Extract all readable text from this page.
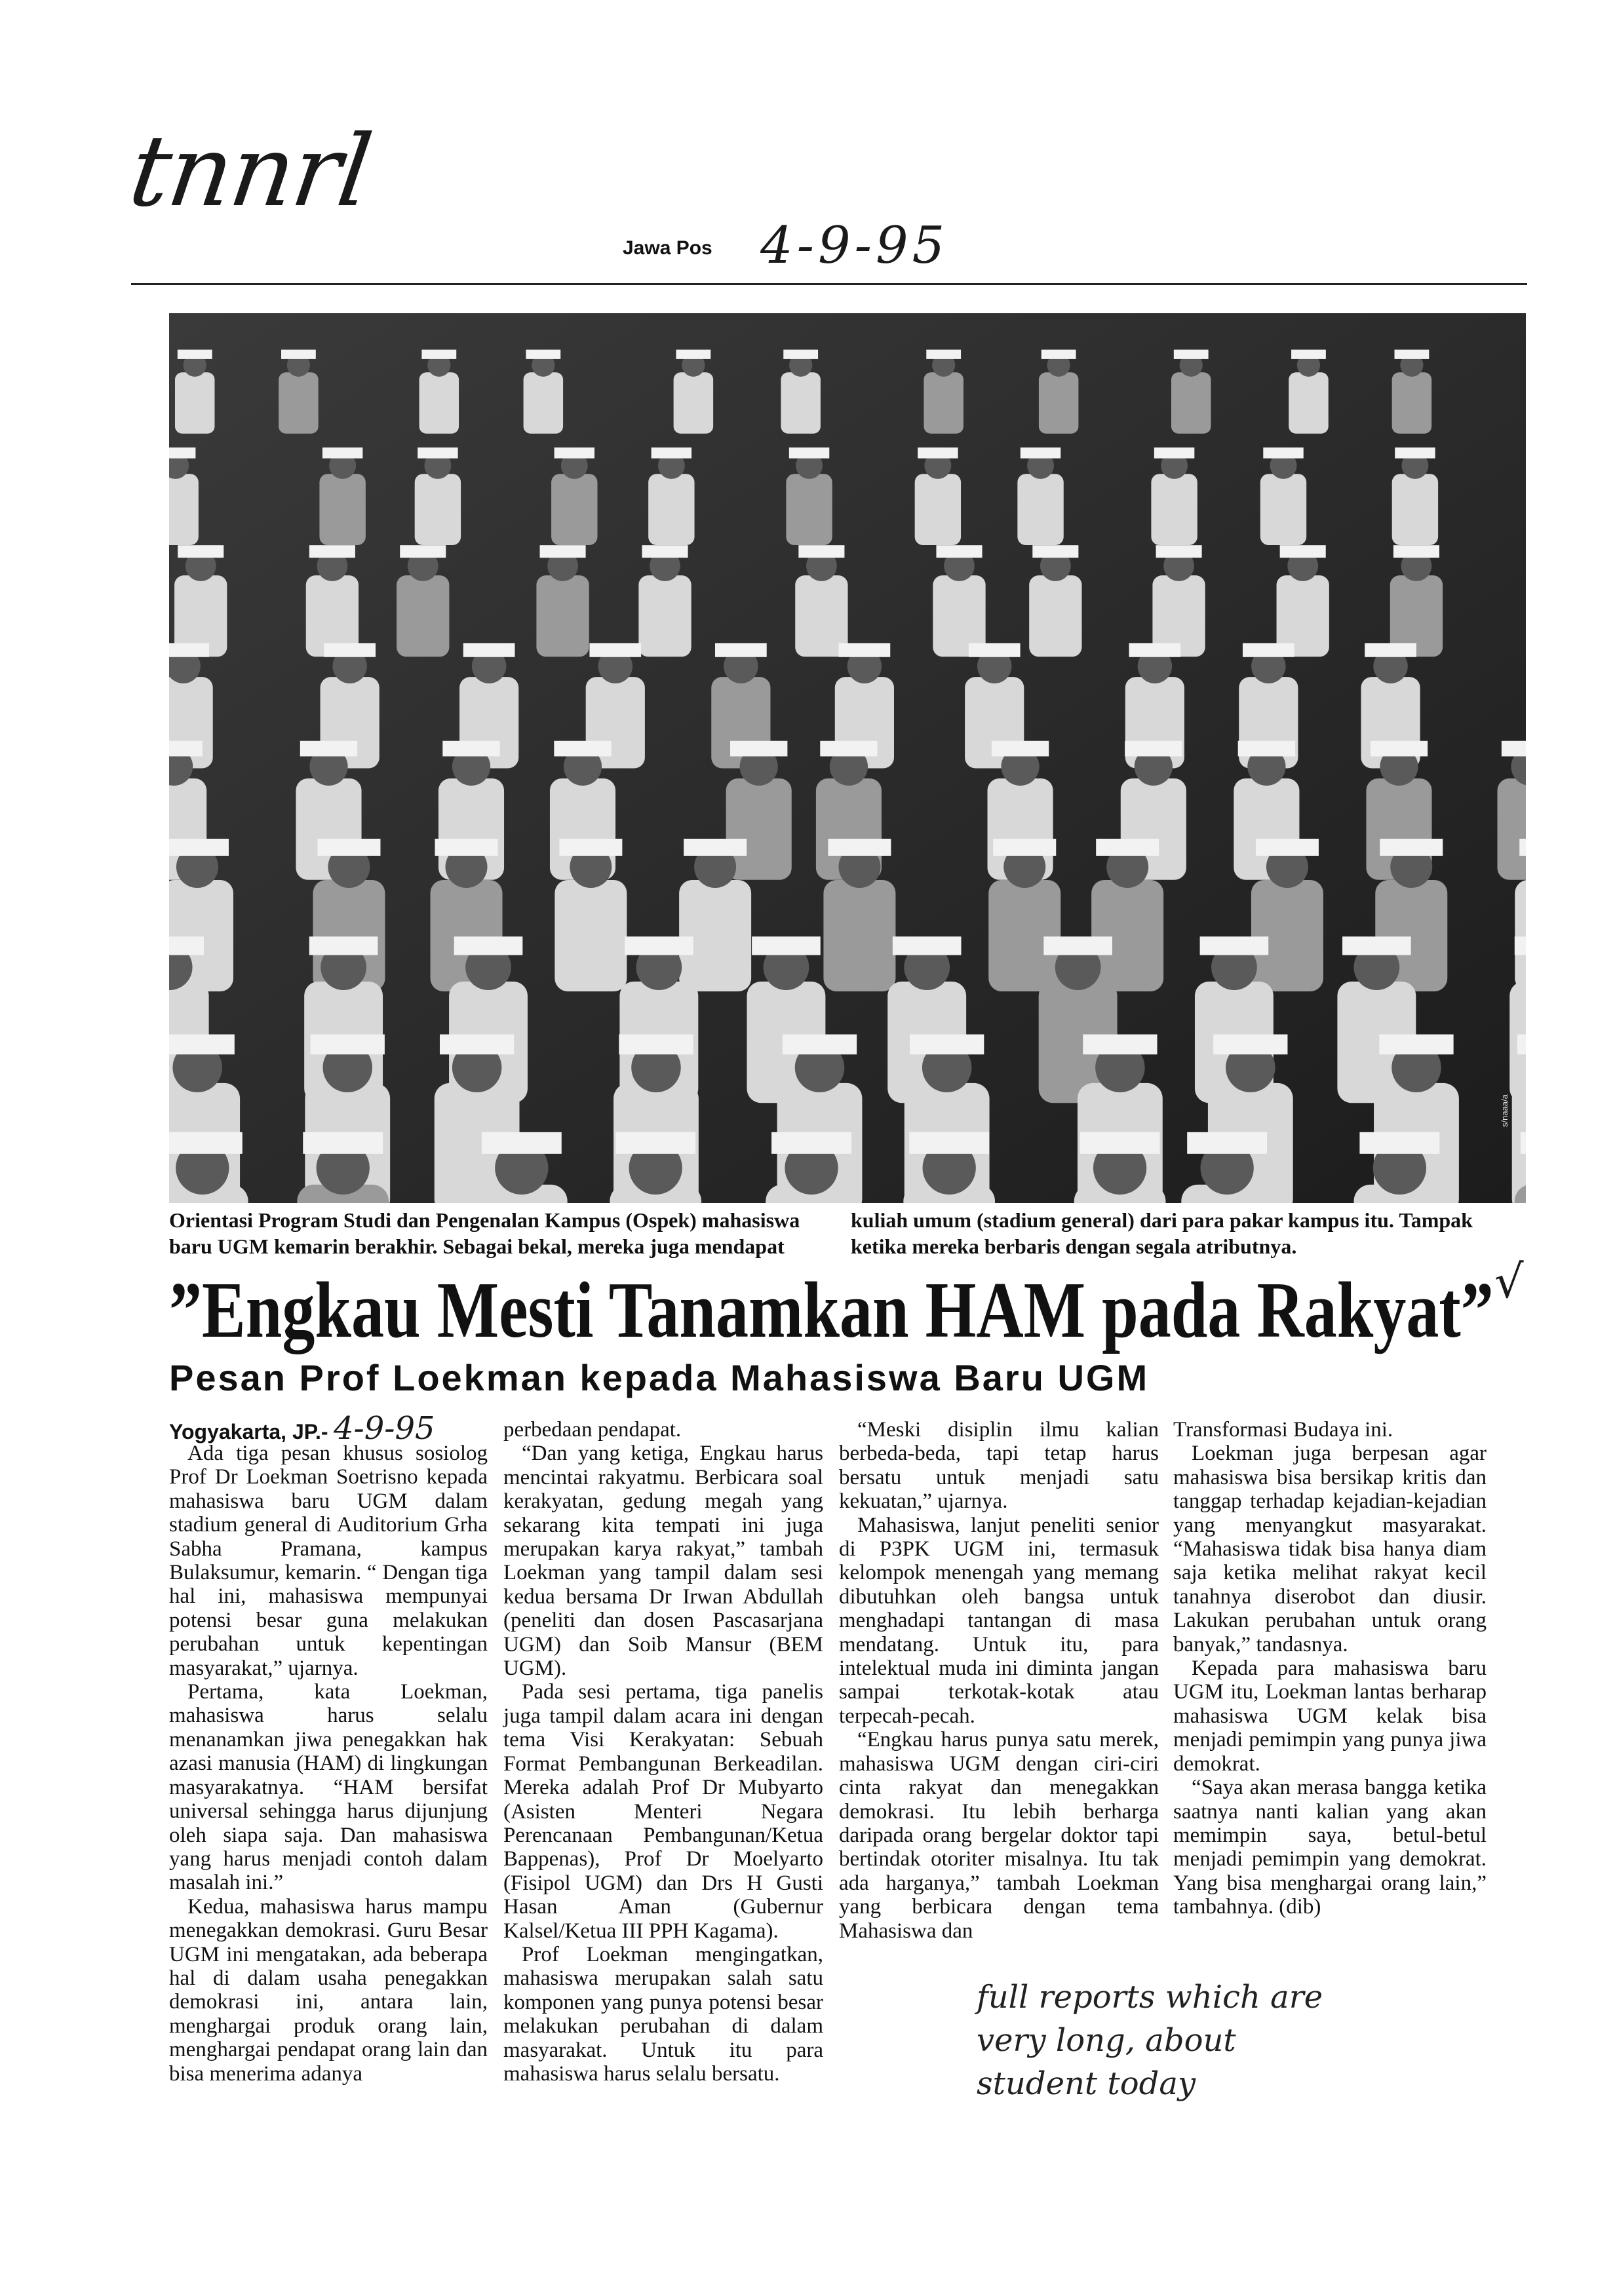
tnnrl
Jawa Pos 4-9-95
s/naaa/a
Orientasi Program Studi dan Pengenalan Kampus (Ospek) mahasiswa
baru UGM kemarin berakhir. Sebagai bekal, mereka juga mendapat
kuliah umum (stadium general) dari para pakar kampus itu. Tampak
ketika mereka berbaris dengan segala atributnya.
”Engkau Mesti Tanamkan HAM pada Rakyat” √
Pesan Prof Loekman kepada Mahasiswa Baru UGM
Yogyakarta, JP.- 4-9-95

Ada tiga pesan khusus sosiolog Prof Dr Loekman Soetrisno kepada mahasiswa baru UGM dalam stadium general di Auditorium Grha Sabha Pramana, kampus Bulaksumur, kemarin. “ Dengan tiga hal ini, mahasiswa mempunyai potensi besar guna melakukan perubahan untuk kepentingan masyarakat,” ujarnya.

Pertama, kata Loekman, mahasiswa harus selalu menanamkan jiwa penegakkan hak azasi manusia (HAM) di lingkungan masyarakatnya. “HAM bersifat universal sehingga harus dijunjung oleh siapa saja. Dan mahasiswa yang harus menjadi contoh dalam masalah ini.”

Kedua, mahasiswa harus mampu menegakkan demokrasi. Guru Besar UGM ini mengatakan, ada beberapa hal di dalam usaha penegakkan demokrasi ini, antara lain, menghargai produk orang lain, menghargai pendapat orang lain dan bisa menerima adanya

perbedaan pendapat.

“Dan yang ketiga, Engkau harus mencintai rakyatmu. Berbicara soal kerakyatan, gedung megah yang sekarang kita tempati ini juga merupakan karya rakyat,” tambah Loekman yang tampil dalam sesi kedua bersama Dr Irwan Abdullah (peneliti dan dosen Pascasarjana UGM) dan Soib Mansur (BEM UGM).

Pada sesi pertama, tiga panelis juga tampil dalam acara ini dengan tema Visi Kerakyatan: Sebuah Format Pembangunan Berkeadilan. Mereka adalah Prof Dr Mubyarto (Asisten Menteri Negara Perencanaan Pembangunan/Ketua Bappenas), Prof Dr Moelyarto (Fisipol UGM) dan Drs H Gusti Hasan Aman (Gubernur Kalsel/Ketua III PPH Kagama).

Prof Loekman mengingatkan, mahasiswa merupakan salah satu komponen yang punya potensi besar melakukan perubahan di dalam masyarakat. Untuk itu para mahasiswa harus selalu bersatu.

“Meski disiplin ilmu kalian berbeda-beda, tapi tetap harus bersatu untuk menjadi satu kekuatan,” ujarnya.

Mahasiswa, lanjut peneliti senior di P3PK UGM ini, termasuk kelompok menengah yang memang dibutuhkan oleh bangsa untuk menghadapi tantangan di masa mendatang. Untuk itu, para intelektual muda ini diminta jangan sampai terkotak-kotak atau terpecah-pecah.

“Engkau harus punya satu merek, mahasiswa UGM dengan ciri-ciri cinta rakyat dan menegakkan demokrasi. Itu lebih berharga daripada orang bergelar doktor tapi bertindak otoriter misalnya. Itu tak ada harganya,” tambah Loekman yang berbicara dengan tema Mahasiswa dan

Transformasi Budaya ini.

Loekman juga berpesan agar mahasiswa bisa bersikap kritis dan tanggap terhadap kejadian-kejadian yang menyangkut masyarakat. “Mahasiswa tidak bisa hanya diam saja ketika melihat rakyat kecil tanahnya diserobot dan diusir. Lakukan perubahan untuk orang banyak,” tandasnya.

Kepada para mahasiswa baru UGM itu, Loekman lantas berharap mahasiswa UGM kelak bisa menjadi pemimpin yang punya jiwa demokrat.

“Saya akan merasa bangga ketika saatnya nanti kalian yang akan memimpin saya, betul-betul menjadi pemimpin yang demokrat. Yang bisa menghargai orang lain,” tambahnya. (dib)

full reports which are
very long, about
student today
